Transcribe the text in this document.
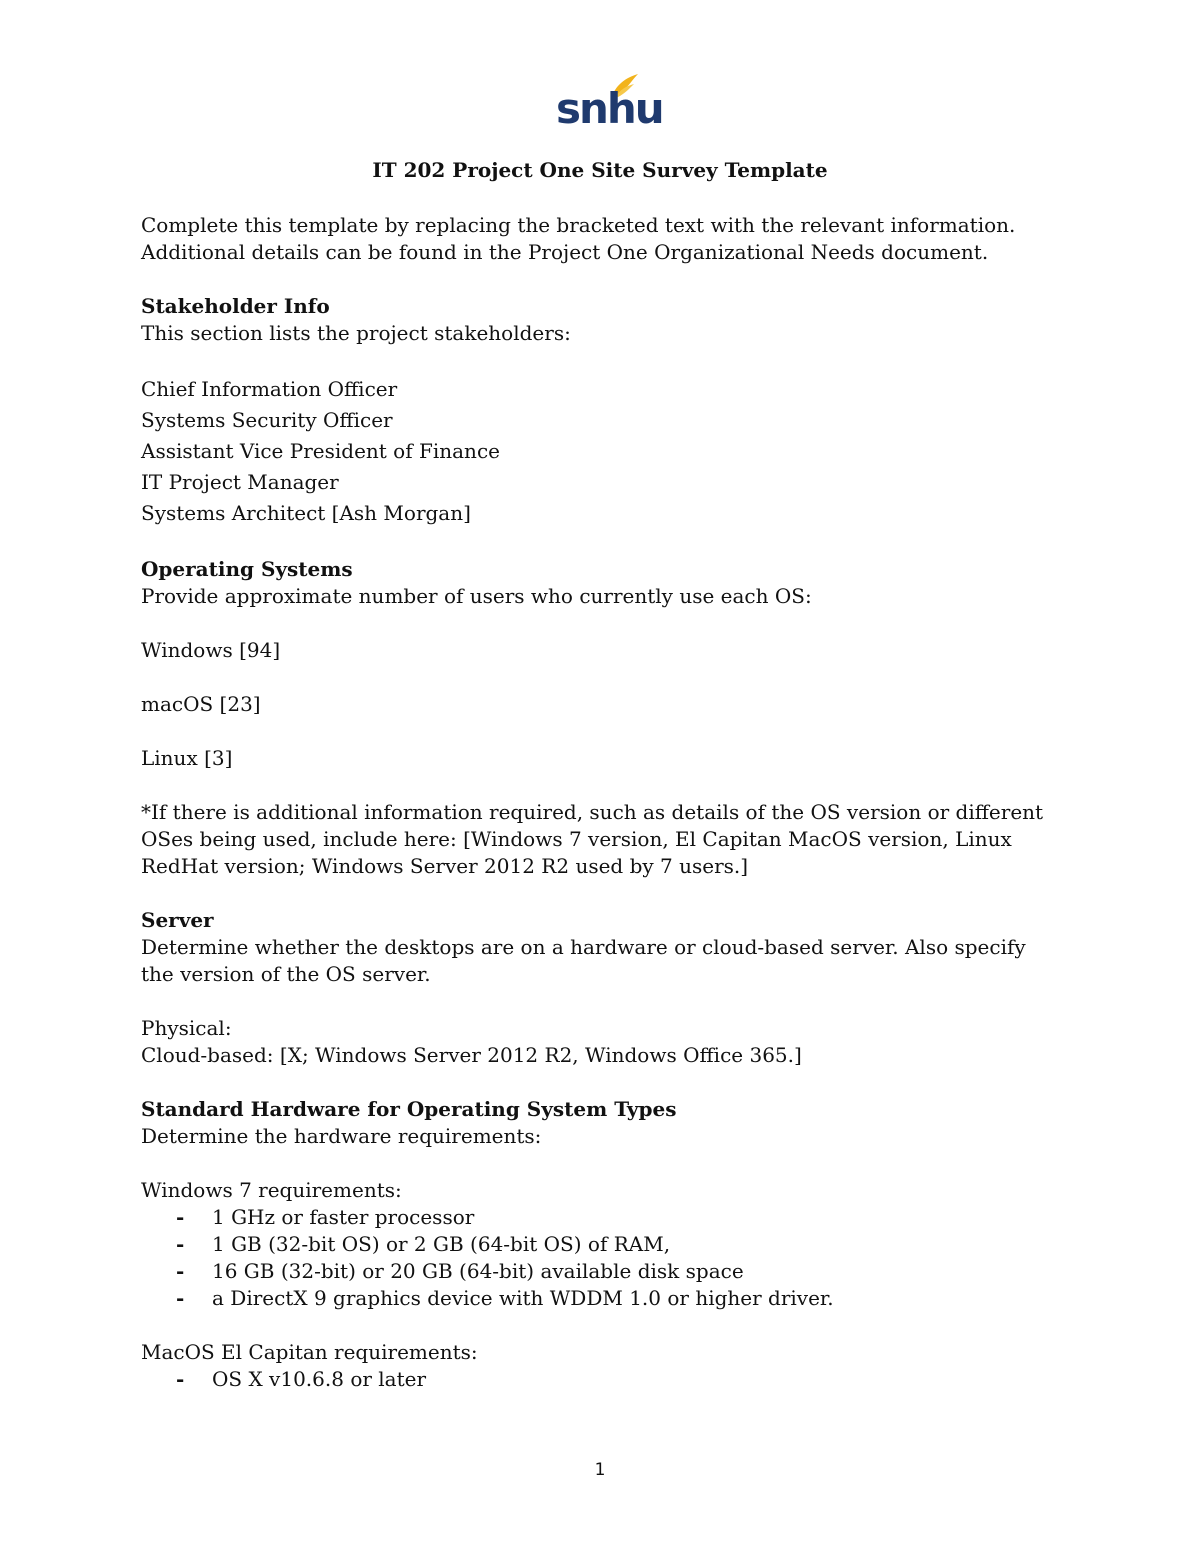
snhu
IT 202 Project One Site Survey Template

Complete this template by replacing the bracketed text with the relevant information. Additional details can be found in the Project One Organizational Needs document.

Stakeholder Info

This section lists the project stakeholders:

Chief Information Officer

Systems Security Officer

Assistant Vice President of Finance

IT Project Manager

Systems Architect [Ash Morgan]

Operating Systems

Provide approximate number of users who currently use each OS:

Windows [94]

macOS [23]

Linux [3]

*If there is additional information required, such as details of the OS version or different OSes being used, include here: [Windows 7 version, El Capitan MacOS version, Linux RedHat version; Windows Server 2012 R2 used by 7 users.]

Server

Determine whether the desktops are on a hardware or cloud-based server. Also specify the version of the OS server.

Physical:

Cloud-based: [X; Windows Server 2012 R2, Windows Office 365.]

Standard Hardware for Operating System Types

Determine the hardware requirements:

Windows 7 requirements:

- 1 GHz or faster processor
- 1 GB (32-bit OS) or 2 GB (64-bit OS) of RAM,
- 16 GB (32-bit) or 20 GB (64-bit) available disk space
- a DirectX 9 graphics device with WDDM 1.0 or higher driver.

MacOS El Capitan requirements:

- OS X v10.6.8 or later
1
